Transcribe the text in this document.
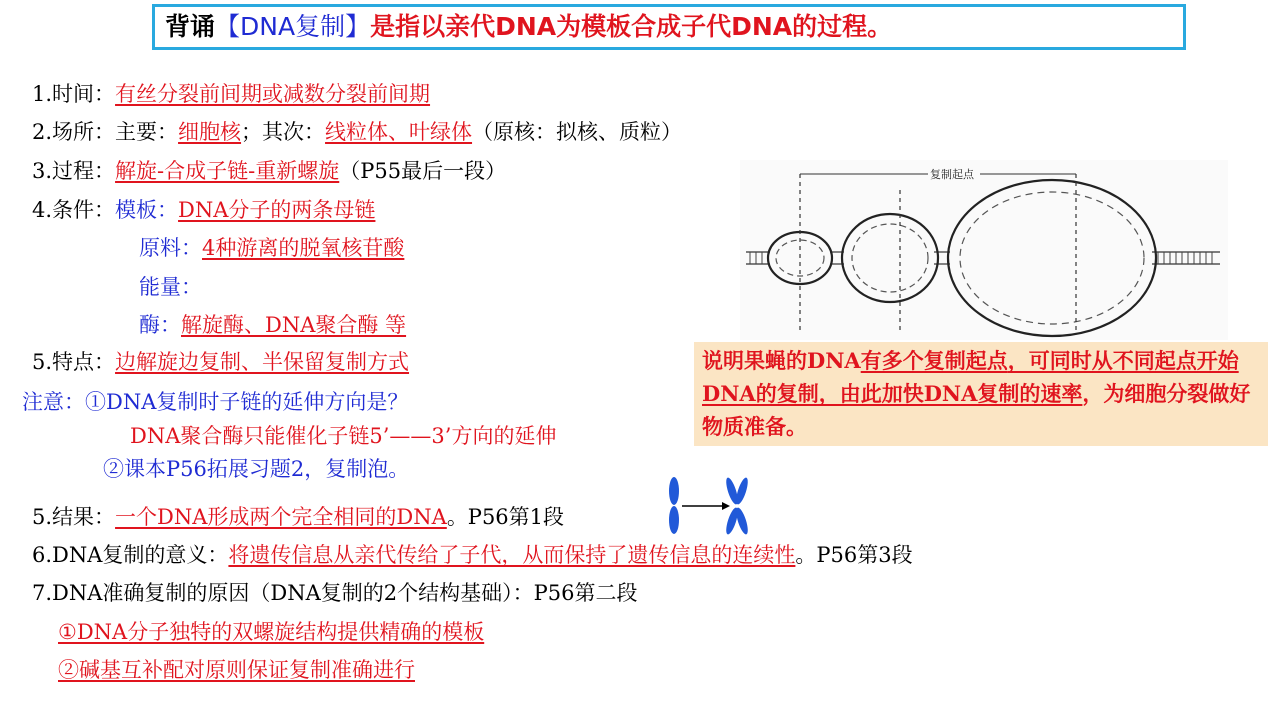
背诵【DNA复制】是指以亲代DNA为模板合成子代DNA的过程。
1.时间：有丝分裂前间期或减数分裂前间期
2.场所：主要：细胞核；其次：线粒体、叶绿体（原核：拟核、质粒）
3.过程：解旋-合成子链-重新螺旋（P55最后一段）
4.条件：模板：DNA分子的两条母链
原料：4种游离的脱氧核苷酸
能量：
酶：解旋酶、DNA聚合酶 等
5.特点：边解旋边复制、半保留复制方式
注意：①DNA复制时子链的延伸方向是？
DNA聚合酶只能催化子链5’——3’方向的延伸
②课本P56拓展习题2，复制泡。
5.结果：一个DNA形成两个完全相同的DNA。P56第1段
6.DNA复制的意义：将遗传信息从亲代传给了子代，从而保持了遗传信息的连续性。P56第3段
7.DNA准确复制的原因（DNA复制的2个结构基础）：P56第二段
①DNA分子独特的双螺旋结构提供精确的模板
②碱基互补配对原则保证复制准确进行
复制起点
说明果蝇的DNA有多个复制起点，可同时从不同起点开始DNA的复制，由此加快DNA复制的速率，为细胞分裂做好物质准备。
